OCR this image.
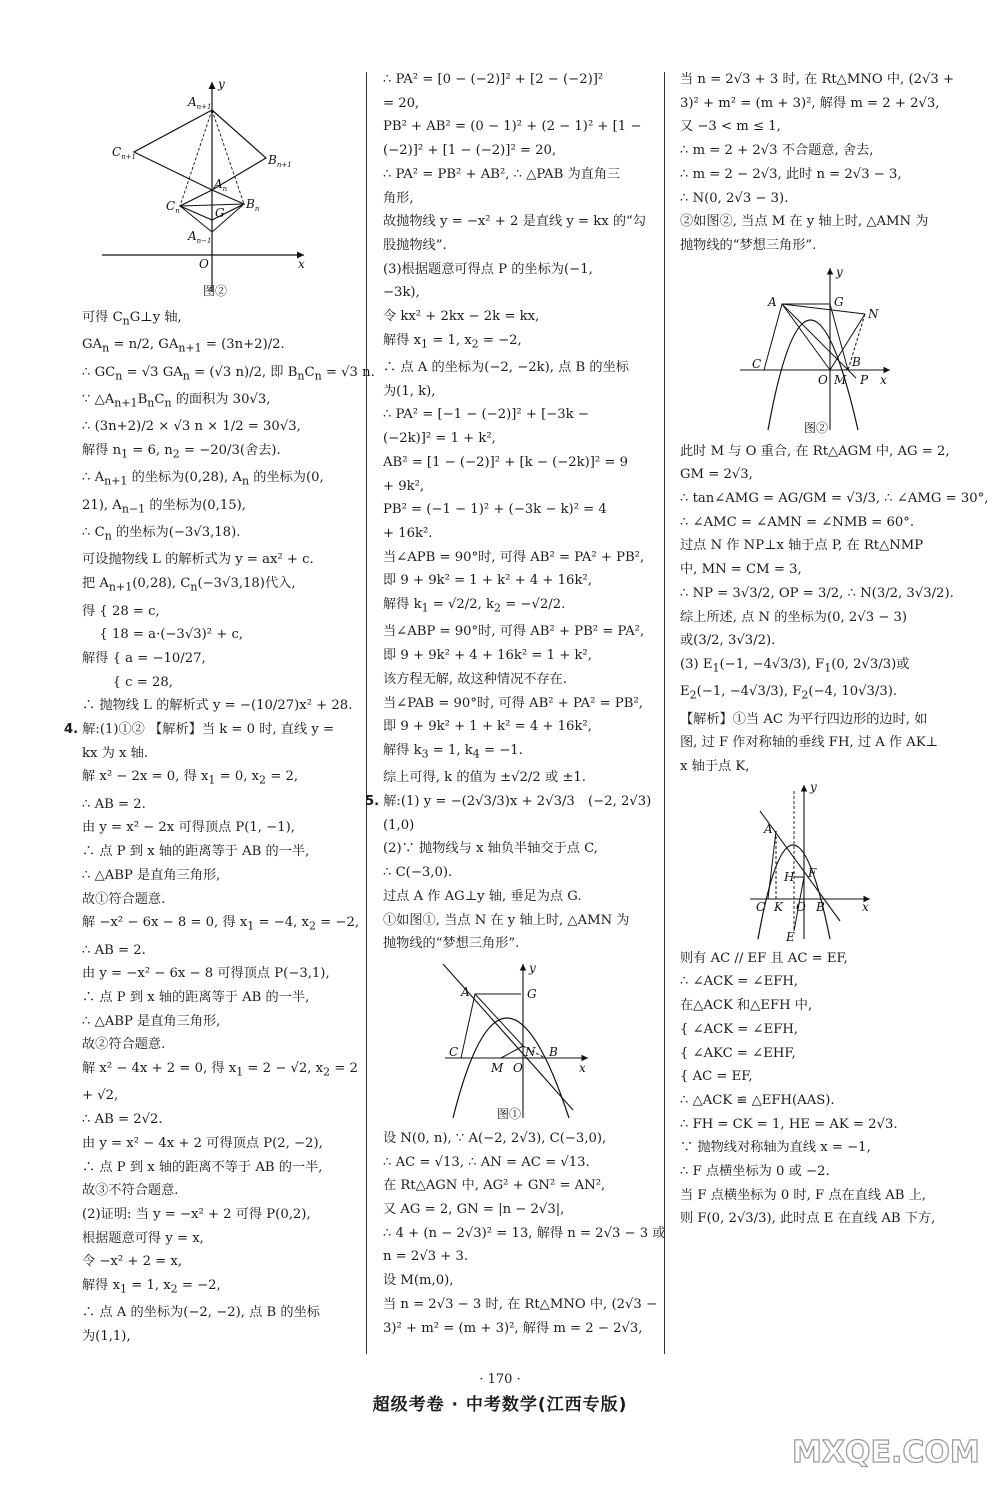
y
x
O
$A_{n+1}$
$C_{n+1}$	$B_{n+1}$
$A_n$
$C_n$	$B_n$
G
$A_{n-1}$
图②
可得 $C_nG\perp y$ 轴,
$GA_n = n/2$, $GA_{n+1} = (3n+2)/2$.
∴ $GC_n = √3$ $GA_n = (√3$ n)/2, 即 $B_nC_n = √3$ n.
∵ $\triangle A_{n+1}B_nC_n$ 的面积为 30√3,
∴ (3n+2)/2 × √3 n × 1/2 = 30√3,
解得 $n_1 = 6$, $n_2 = -20/3$(舍去).
∴ $A_{n+1}$ 的坐标为(0,28), $A_n$ 的坐标为(0,
21), $A_{n-1}$ 的坐标为(0,15),
∴ $C_n$ 的坐标为(−3√3,18).
可设抛物线 L 的解析式为 y = ax² + c.
把 $A_{n+1}(0,28)$, $C_n(-3√3,18)$代入,
得 { 28 = c,
　 { 18 = a·(−3√3)² + c,
解得 { a = −10/27,
　　 { c = 28,
∴ 抛物线 L 的解析式 y = −(10/27)x² + 28.
4. 解:(1)①② 【解析】当 k = 0 时, 直线 y =
kx 为 x 轴.
解 x² − 2x = 0, 得 $x_1 = 0$, $x_2 = 2$,
∴ AB = 2.
由 y = x² − 2x 可得顶点 P(1, −1),
∴ 点 P 到 x 轴的距离等于 AB 的一半,
∴ △ABP 是直角三角形,
故①符合题意.
解 −x² − 6x − 8 = 0, 得 $x_1 = -4$, $x_2 = -2$,
∴ AB = 2.
由 y = −x² − 6x − 8 可得顶点 P(−3,1),
∴ 点 P 到 x 轴的距离等于 AB 的一半,
∴ △ABP 是直角三角形,
故②符合题意.
解 x² − 4x + 2 = 0, 得 $x_1 = 2 - √2$, $x_2 = 2$
+ √2,
∴ AB = 2√2.
由 y = x² − 4x + 2 可得顶点 P(2, −2),
∴ 点 P 到 x 轴的距离不等于 AB 的一半,
故③不符合题意.
(2)证明: 当 y = −x² + 2 可得 P(0,2),
根据题意可得 y = x,
令 −x² + 2 = x,
解得 $x_1 = 1$, $x_2 = -2$,
∴ 点 A 的坐标为(−2, −2), 点 B 的坐标
为(1,1),
∴ PA² = [0 − (−2)]² + [2 − (−2)]²
= 20,
PB² + AB² = (0 − 1)² + (2 − 1)² + [1 −
(−2)]² + [1 − (−2)]² = 20,
∴ PA² = PB² + AB², ∴ △PAB 为直角三
角形,
故抛物线 y = −x² + 2 是直线 y = kx 的“勾
股抛物线”.
(3)根据题意可得点 P 的坐标为(−1,
−3k),
令 kx² + 2kx − 2k = kx,
解得 $x_1 = 1$, $x_2 = -2$,
∴ 点 A 的坐标为(−2, −2k), 点 B 的坐标
为(1, k),
∴ PA² = [−1 − (−2)]² + [−3k −
(−2k)]² = 1 + k²,
AB² = [1 − (−2)]² + [k − (−2k)]² = 9
+ 9k²,
PB² = (−1 − 1)² + (−3k − k)² = 4
+ 16k².
当∠APB = 90°时, 可得 AB² = PA² + PB²,
即 9 + 9k² = 1 + k² + 4 + 16k²,
解得 $k_1 = √2/2$, $k_2 = -√2/2$.
当∠ABP = 90°时, 可得 AB² + PB² = PA²,
即 9 + 9k² + 4 + 16k² = 1 + k²,
该方程无解, 故这种情况不存在.
当∠PAB = 90°时, 可得 AB² + PA² = PB²,
即 9 + 9k² + 1 + k² = 4 + 16k²,
解得 $k_3 = 1$, $k_4 = -1$.
综上可得, k 的值为 ±√2/2 或 ±1.
5. 解:(1) y = −(2√3/3)x + 2√3/3　(−2, 2√3)
(1,0)
(2)∵ 抛物线与 x 轴负半轴交于点 C,
∴ C(−3,0).
过点 A 作 AG⊥y 轴, 垂足为点 G.
①如图①, 当点 N 在 y 轴上时, △AMN 为
抛物线的“梦想三角形”.
A	G
y
C	N B
x
M O
图①
设 N(0, n), ∵ A(−2, 2√3), C(−3,0),
∴ AC = √13, ∴ AN = AC = √13.
在 Rt△AGN 中, AG² + GN² = AN²,
又 AG = 2, GN = |n − 2√3|,
∴ 4 + (n − 2√3)² = 13, 解得 n = 2√3 − 3 或
n = 2√3 + 3.
设 M(m,0),
当 n = 2√3 − 3 时, 在 Rt△MNO 中, (2√3 −
3)² + m² = (m + 3)², 解得 m = 2 − 2√3,
当 n = 2√3 + 3 时, 在 Rt△MNO 中, (2√3 +
3)² + m² = (m + 3)², 解得 m = 2 + 2√3,
又 −3 < m ≤ 1,
∴ m = 2 + 2√3 不合题意, 舍去,
∴ m = 2 − 2√3, 此时 n = 2√3 − 3,
∴ N(0, 2√3 − 3).
②如图②, 当点 M 在 y 轴上时, △AMN 为
抛物线的“梦想三角形”.
A	G
N
y
C	B
O M P x
图②
此时 M 与 O 重合, 在 Rt△AGM 中, AG = 2,
GM = 2√3,
∴ tan∠AMG = AG/GM = √3/3, ∴ ∠AMG = 30°,
∴ ∠AMC = ∠AMN = ∠NMB = 60°.
过点 N 作 NP⊥x 轴于点 P, 在 Rt△NMP
中, MN = CM = 3,
∴ NP = 3√3/2, OP = 3/2, ∴ N(3/2, 3√3/2).
综上所述, 点 N 的坐标为(0, 2√3 − 3)
或(3/2, 3√3/2).
(3) $E_1(-1$, −4√3/3), $F_1(0$, 2√3/3)或
$E_2(-1$, −4√3/3), $F_2(-4$, 10√3/3).
【解析】①当 AC 为平行四边形的边时, 如
图, 过 F 作对称轴的垂线 FH, 过 A 作 AK⊥
x 轴于点 K,
A
y
H F
C K O B	x
E
则有 AC // EF 且 AC = EF,
∴ ∠ACK = ∠EFH,
在△ACK 和△EFH 中,
{ ∠ACK = ∠EFH,
{ ∠AKC = ∠EHF,
{ AC = EF,
∴ △ACK ≌ △EFH(AAS).
∴ FH = CK = 1, HE = AK = 2√3.
∵ 抛物线对称轴为直线 x = −1,
∴ F 点横坐标为 0 或 −2.
当 F 点横坐标为 0 时, F 点在直线 AB 上,
则 F(0, 2√3/3), 此时点 E 在直线 AB 下方,
· 170 ·
超级考卷 · 中考数学(江西专版)
MXQE.COM
